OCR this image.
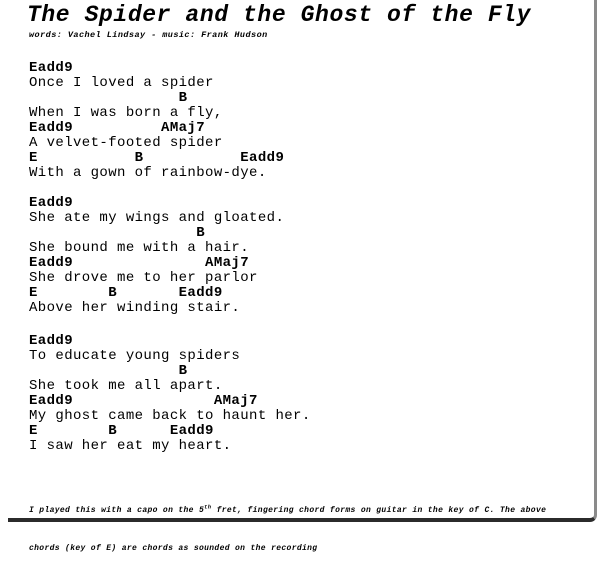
The Spider and the Ghost of the Fly
words: Vachel Lindsay - music: Frank Hudson
Eadd9
Once I loved a spider
B
When I was born a fly,
Eadd9          AMaj7
A velvet-footed spider
E           B           Eadd9
With a gown of rainbow-dye.
Eadd9
She ate my wings and gloated.
B
She bound me with a hair.
Eadd9               AMaj7
She drove me to her parlor
E        B       Eadd9
Above her winding stair.
Eadd9
To educate young spiders
B
She took me all apart.
Eadd9                AMaj7
My ghost came back to haunt her.
E        B      Eadd9
I saw her eat my heart.

I played this with a capo on the 5th fret, fingering chord forms on guitar in the key of C. The above

chords (key of E) are chords as sounded on the recording
